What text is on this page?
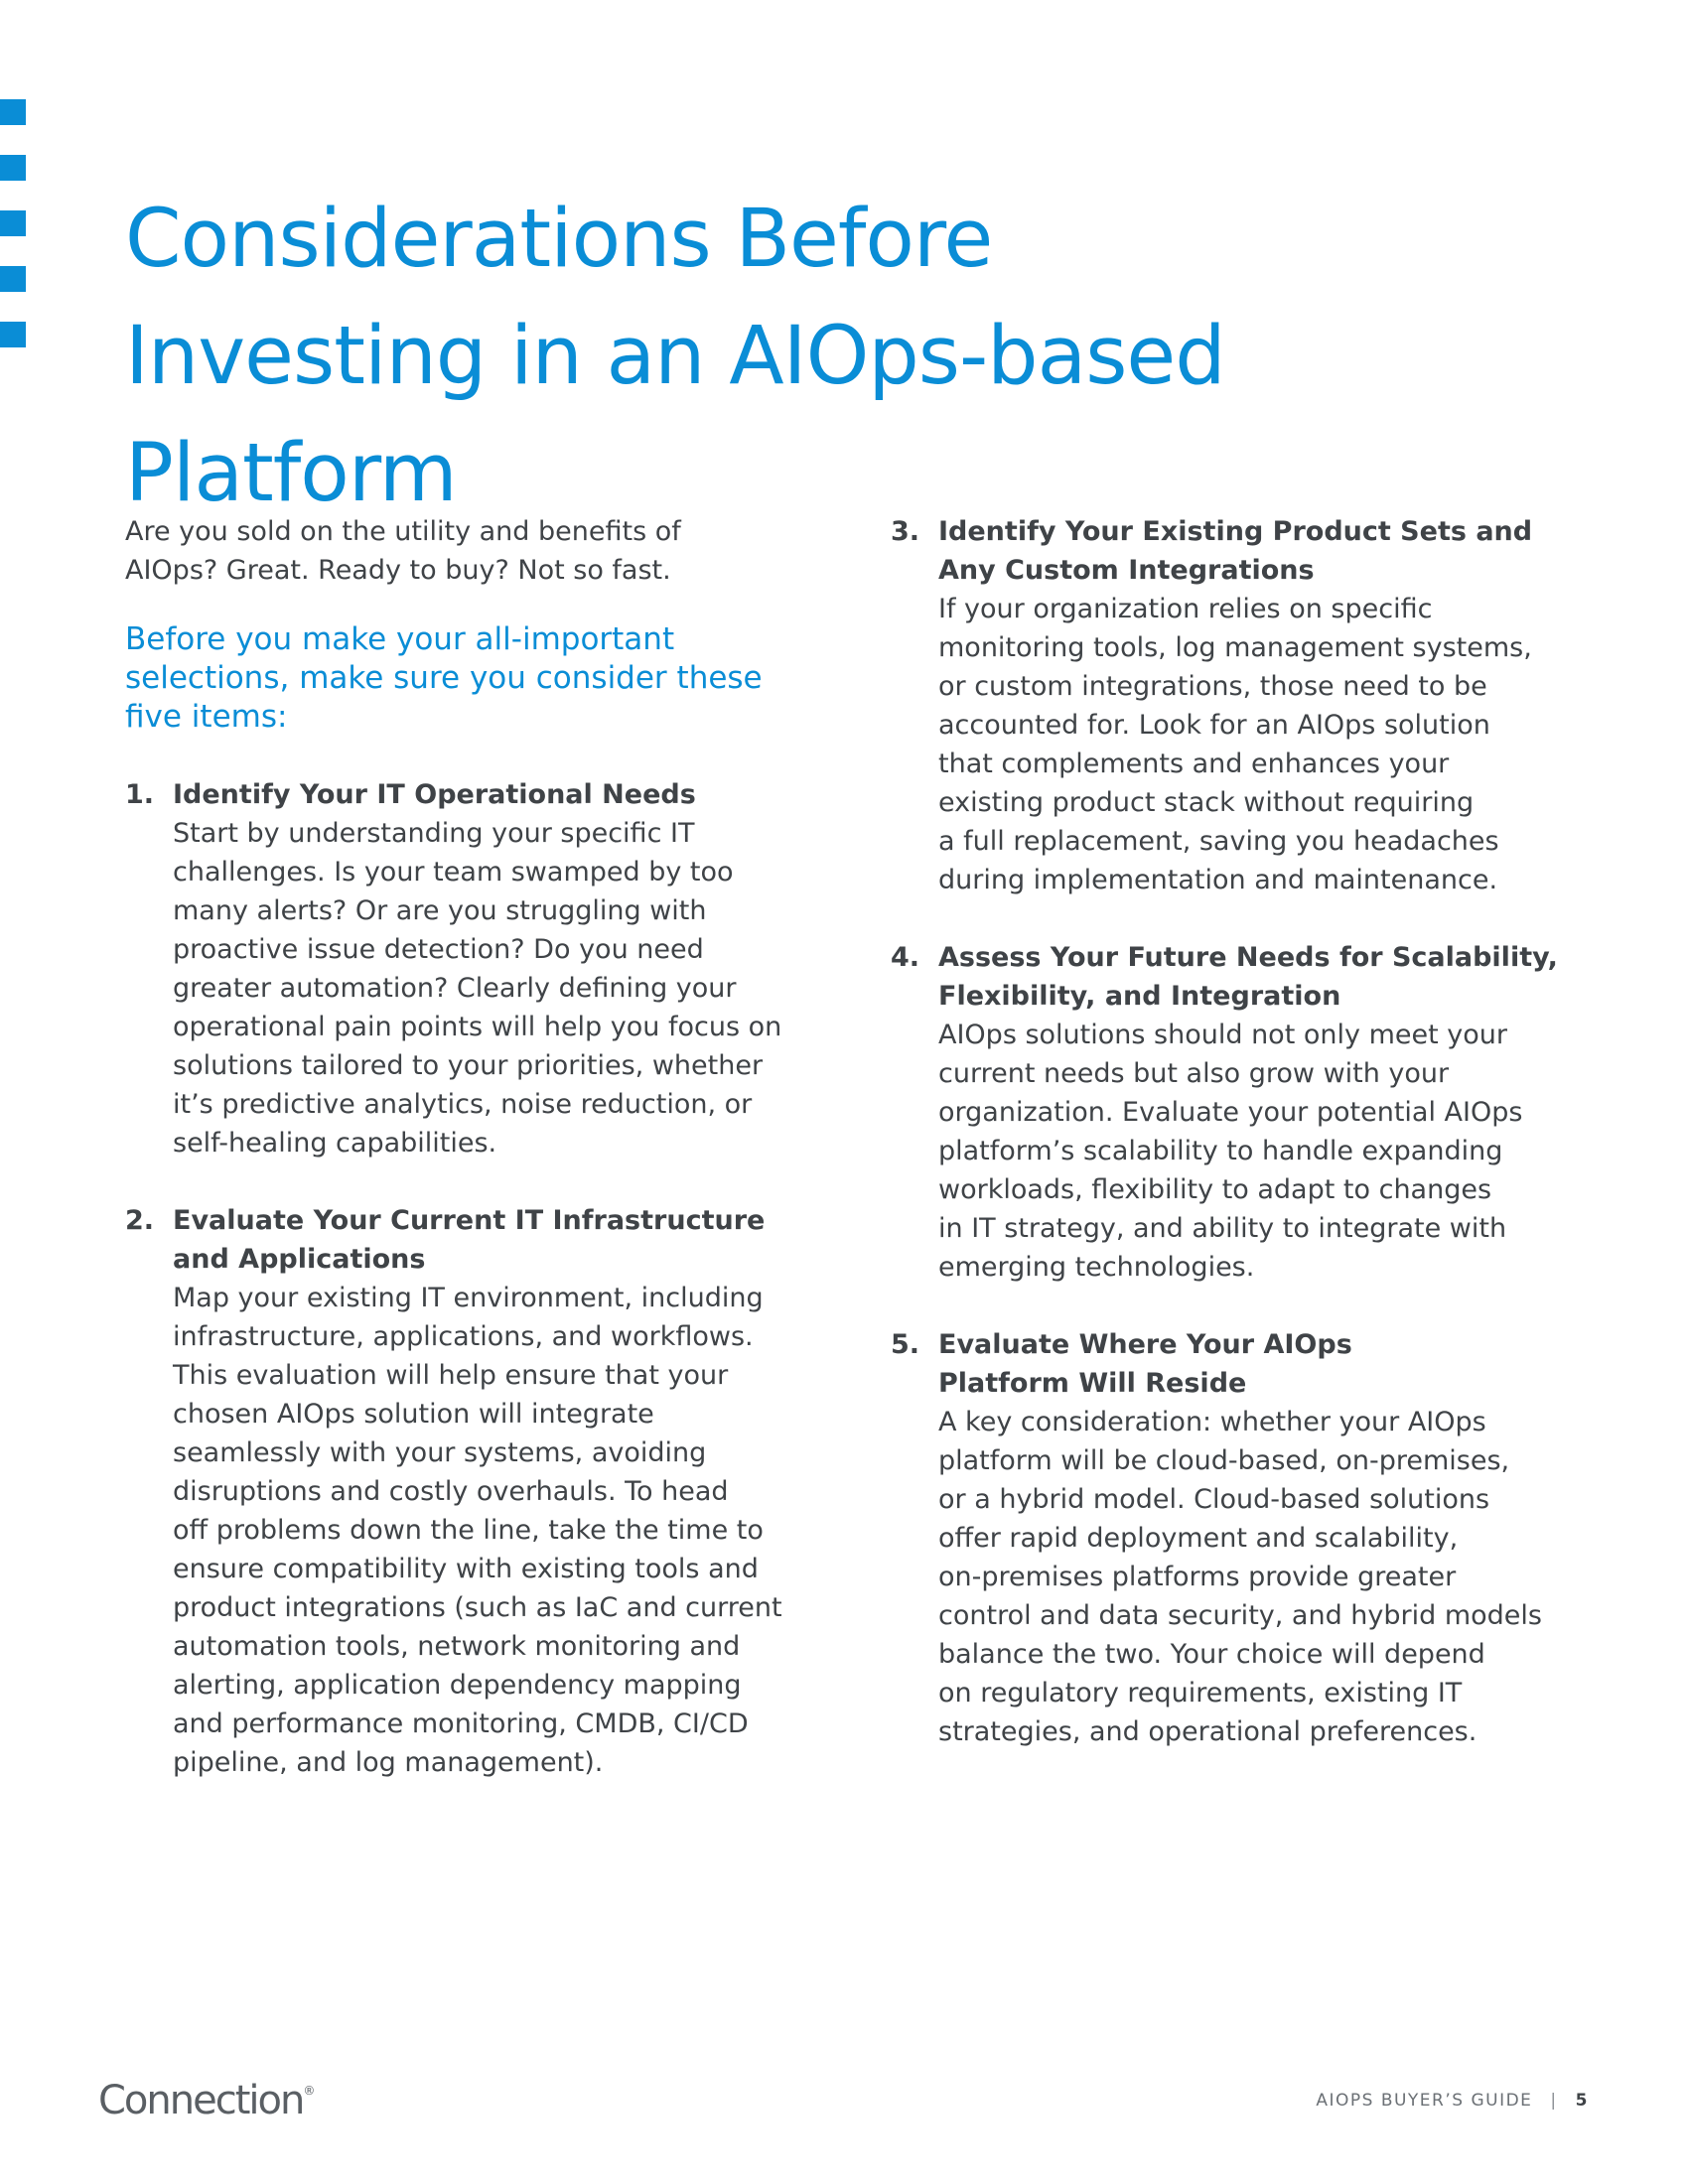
Considerations Before
Investing in an AIOps-based
Platform

Are you sold on the utility and benefits of
AIOps? Great. Ready to buy? Not so fast.

Before you make your all-important
selections, make sure you consider these
five items:
1. Identify Your IT Operational Needs
Start by understanding your specific IT
challenges. Is your team swamped by too
many alerts? Or are you struggling with
proactive issue detection? Do you need
greater automation? Clearly defining your
operational pain points will help you focus on
solutions tailored to your priorities, whether
it’s predictive analytics, noise reduction, or
self-healing capabilities.
2. Evaluate Your Current IT Infrastructure
and Applications
Map your existing IT environment, including
infrastructure, applications, and workflows.
This evaluation will help ensure that your
chosen AIOps solution will integrate
seamlessly with your systems, avoiding
disruptions and costly overhauls. To head
off problems down the line, take the time to
ensure compatibility with existing tools and
product integrations (such as IaC and current
automation tools, network monitoring and
alerting, application dependency mapping
and performance monitoring, CMDB, CI/CD
pipeline, and log management).
3. Identify Your Existing Product Sets and
Any Custom Integrations
If your organization relies on specific
monitoring tools, log management systems,
or custom integrations, those need to be
accounted for. Look for an AIOps solution
that complements and enhances your
existing product stack without requiring
a full replacement, saving you headaches
during implementation and maintenance.
4. Assess Your Future Needs for Scalability,
Flexibility, and Integration
AIOps solutions should not only meet your
current needs but also grow with your
organization. Evaluate your potential AIOps
platform’s scalability to handle expanding
workloads, flexibility to adapt to changes
in IT strategy, and ability to integrate with
emerging technologies.
5. Evaluate Where Your AIOps
Platform Will Reside
A key consideration: whether your AIOps
platform will be cloud-based, on-premises,
or a hybrid model. Cloud-based solutions
offer rapid deployment and scalability,
on-premises platforms provide greater
control and data security, and hybrid models
balance the two. Your choice will depend
on regulatory requirements, existing IT
strategies, and operational preferences.
Connection®	AIOPS BUYER’S GUIDE | 5
